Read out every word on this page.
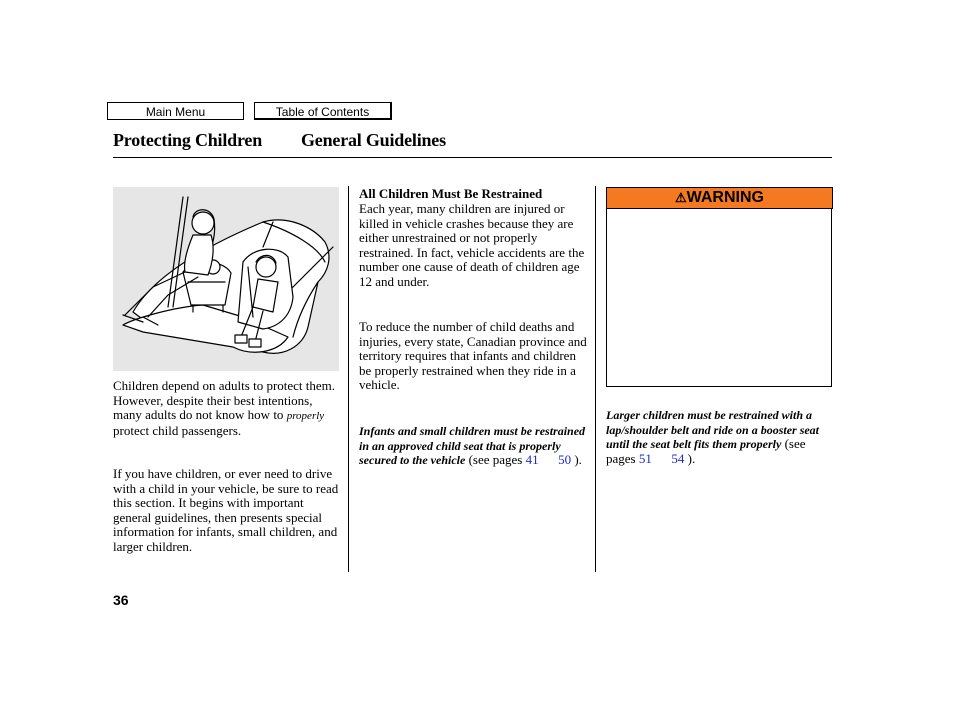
Main Menu	Table of Contents
Protecting Children General Guidelines
Children depend on adults to protect them. However, despite their best intentions, many adults do not know how to properly protect child passengers.
If you have children, or ever need to drive with a child in your vehicle, be sure to read this section. It begins with important general guidelines, then presents special information for infants, small children, and larger children.
All Children Must Be Restrained
Each year, many children are injured or killed in vehicle crashes because they are either unrestrained or not properly restrained. In fact, vehicle accidents are the number one cause of death of children age 12 and under.
To reduce the number of child deaths and injuries, every state, Canadian province and territory requires that infants and children be properly restrained when they ride in a vehicle.
Infants and small children must be restrained in an approved child seat that is properly secured to the vehicle (see pages 41 50 ).
⚠WARNING
Larger children must be restrained with a lap/shoulder belt and ride on a booster seat until the seat belt fits them properly (see pages 51 54 ).
36
